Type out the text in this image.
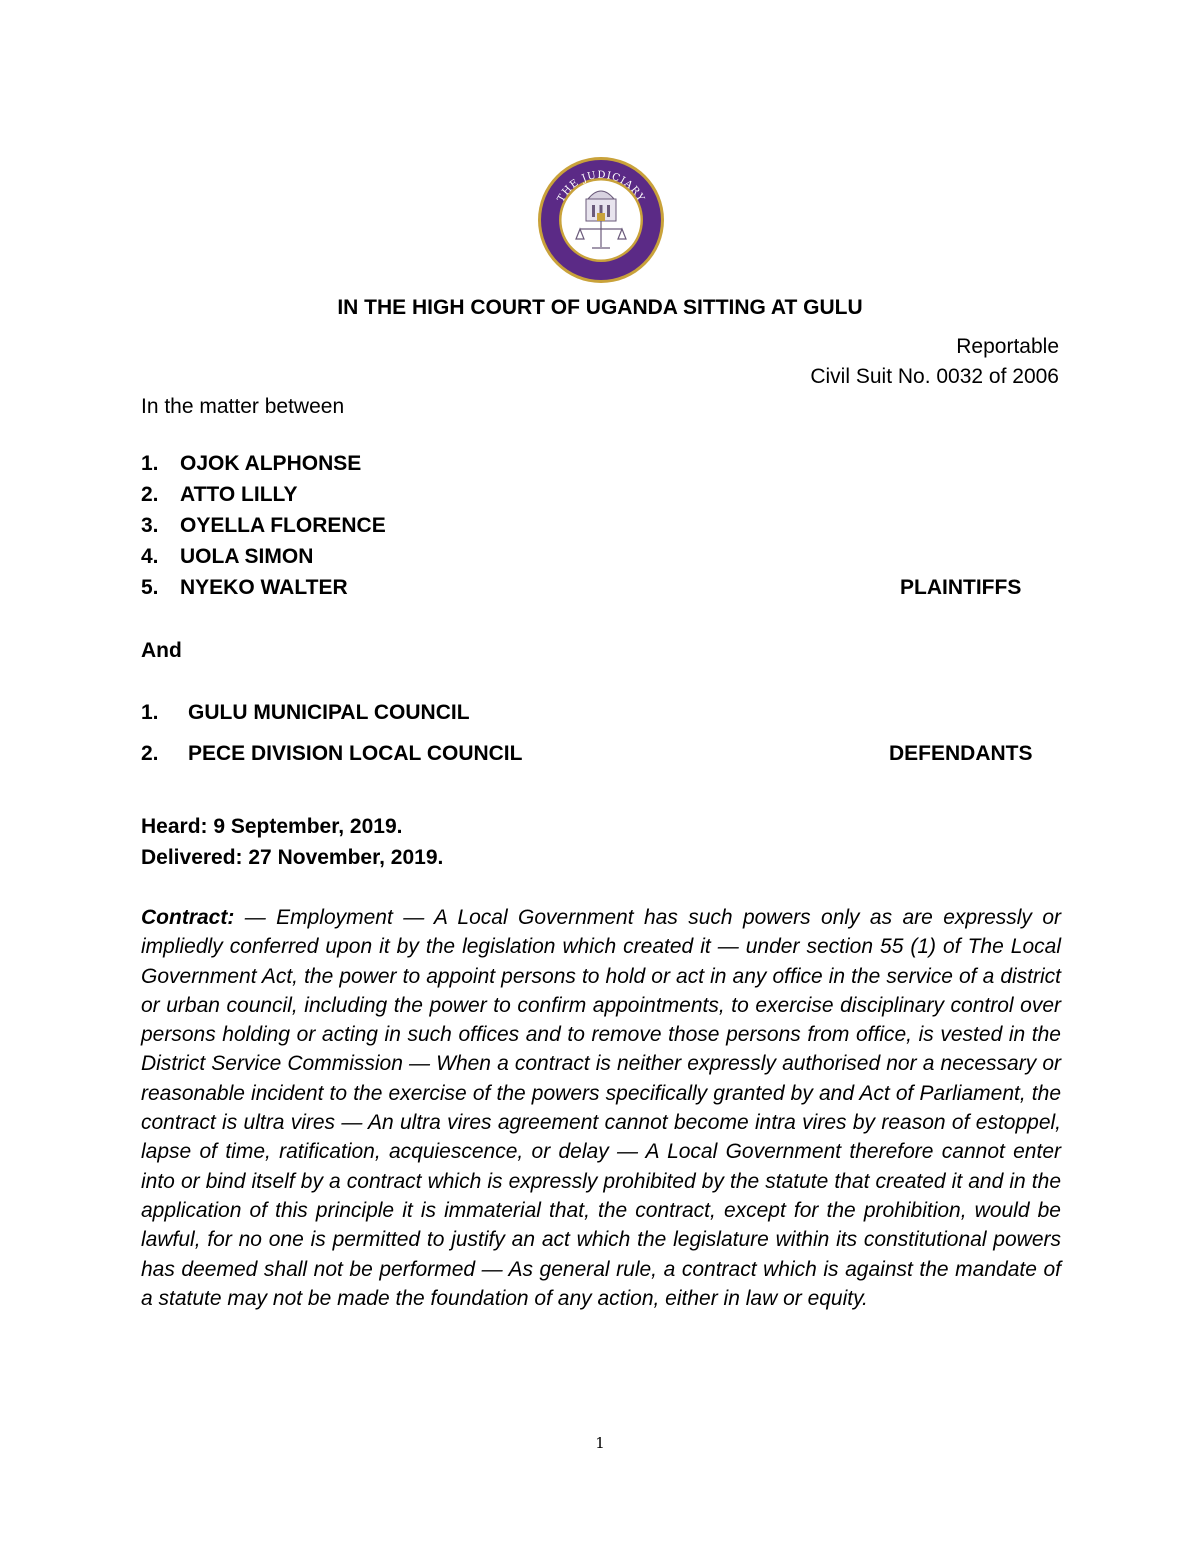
THE JUDICIARY
UGANDA
IN THE HIGH COURT OF UGANDA SITTING AT GULU
Reportable
Civil Suit No. 0032 of 2006
In the matter between
1. OJOK ALPHONSE
2. ATTO LILLY
3. OYELLA FLORENCE
4. UOLA SIMON
5. NYEKO WALTER	PLAINTIFFS
And
1. GULU MUNICIPAL COUNCIL
2. PECE DIVISION LOCAL COUNCIL	DEFENDANTS
Heard: 9 September, 2019.
Delivered: 27 November, 2019.
Contract: — Employment — A Local Government has such powers only as are expressly or impliedly conferred upon it by the legislation which created it — under section 55 (1) of The Local Government Act, the power to appoint persons to hold or act in any office in the service of a district or urban council, including the power to confirm appointments, to exercise disciplinary control over persons holding or acting in such offices and to remove those persons from office, is vested in the District Service Commission — When a contract is neither expressly authorised nor a necessary or reasonable incident to the exercise of the powers specifically granted by and Act of Parliament, the contract is ultra vires — An ultra vires agreement cannot become intra vires by reason of estoppel, lapse of time, ratification, acquiescence, or delay — A Local Government therefore cannot enter into or bind itself by a contract which is expressly prohibited by the statute that created it and in the application of this principle it is immaterial that, the contract, except for the prohibition, would be lawful, for no one is permitted to justify an act which the legislature within its constitutional powers has deemed shall not be performed — As general rule, a contract which is against the mandate of a statute may not be made the foundation of any action, either in law or equity.
1
